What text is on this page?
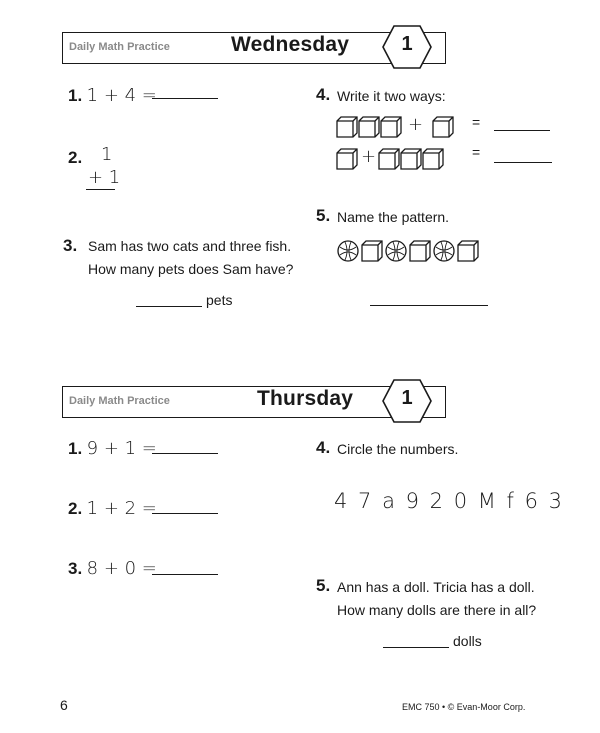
Daily Math Practice	Wednesday	1
1. 1 + 4 =
2. 1
+ 1
3. Sam has two cats and three fish.
How many pets does Sam have?
pets
4. Write it two ways:
+
+
=
=
5. Name the pattern.
Daily Math Practice	Thursday	1
1. 9 + 1 =
2. 1 + 2 =
3. 8 + 0 =
4. Circle the numbers.
4 7 a 9 2 0 M f 6 3
5. Ann has a doll. Tricia has a doll.
How many dolls are there in all?
dolls
6	EMC 750 • © Evan-Moor Corp.
